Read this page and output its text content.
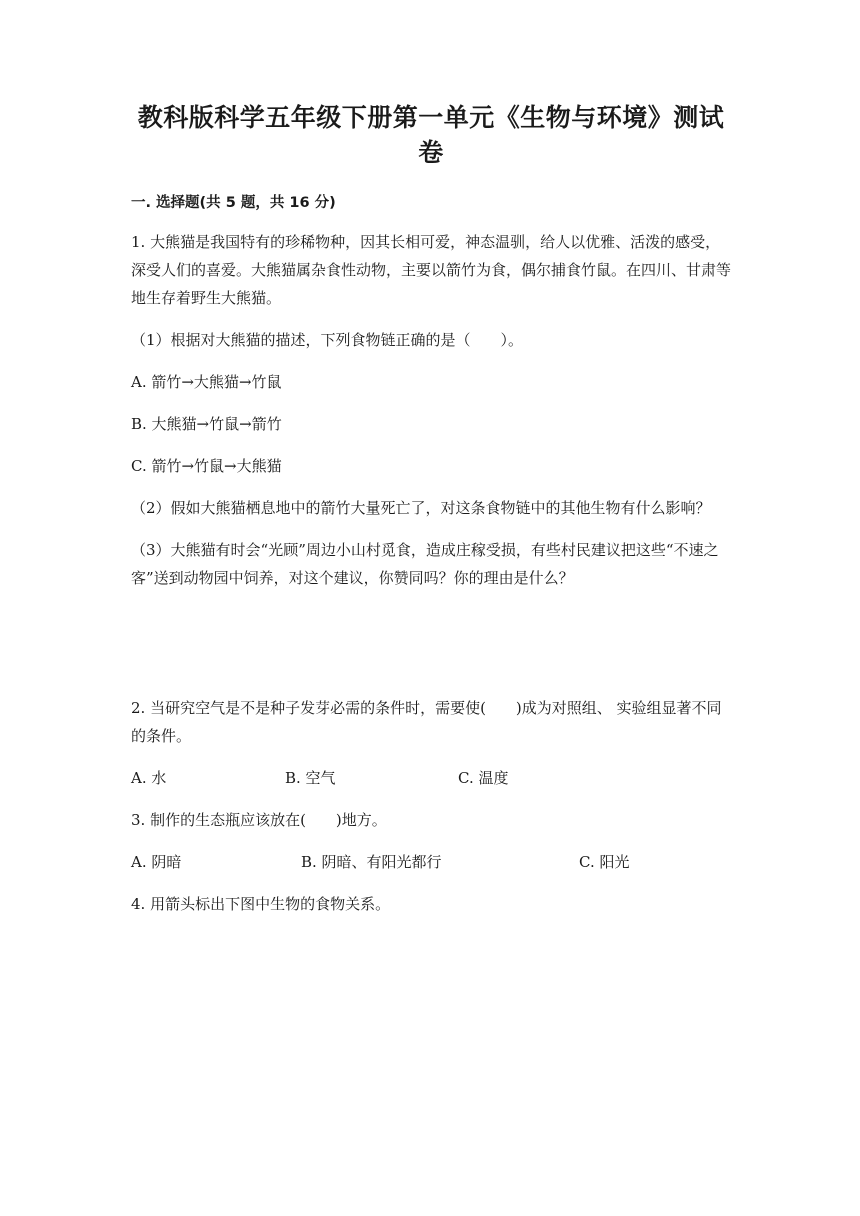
教科版科学五年级下册第一单元《生物与环境》测试卷
一. 选择题(共 5 题，共 16 分)
1. 大熊猫是我国特有的珍稀物种，因其长相可爱，神态温驯，给人以优雅、活泼的感受，深受人们的喜爱。大熊猫属杂食性动物，主要以箭竹为食，偶尔捕食竹鼠。在四川、甘肃等地生存着野生大熊猫。
（1）根据对大熊猫的描述，下列食物链正确的是（　　）。
A. 箭竹→大熊猫→竹鼠
B. 大熊猫→竹鼠→箭竹
C. 箭竹→竹鼠→大熊猫
（2）假如大熊猫栖息地中的箭竹大量死亡了，对这条食物链中的其他生物有什么影响？
（3）大熊猫有时会“光顾”周边小山村觅食，造成庄稼受损，有些村民建议把这些“不速之客”送到动物园中饲养，对这个建议，你赞同吗？你的理由是什么？
2. 当研究空气是不是种子发芽必需的条件时，需要使(　　)成为对照组、 实验组显著不同的条件。
A. 水	B. 空气	C. 温度
3. 制作的生态瓶应该放在(　　)地方。
A. 阴暗	B. 阴暗、有阳光都行	C. 阳光
4. 用箭头标出下图中生物的食物关系。
